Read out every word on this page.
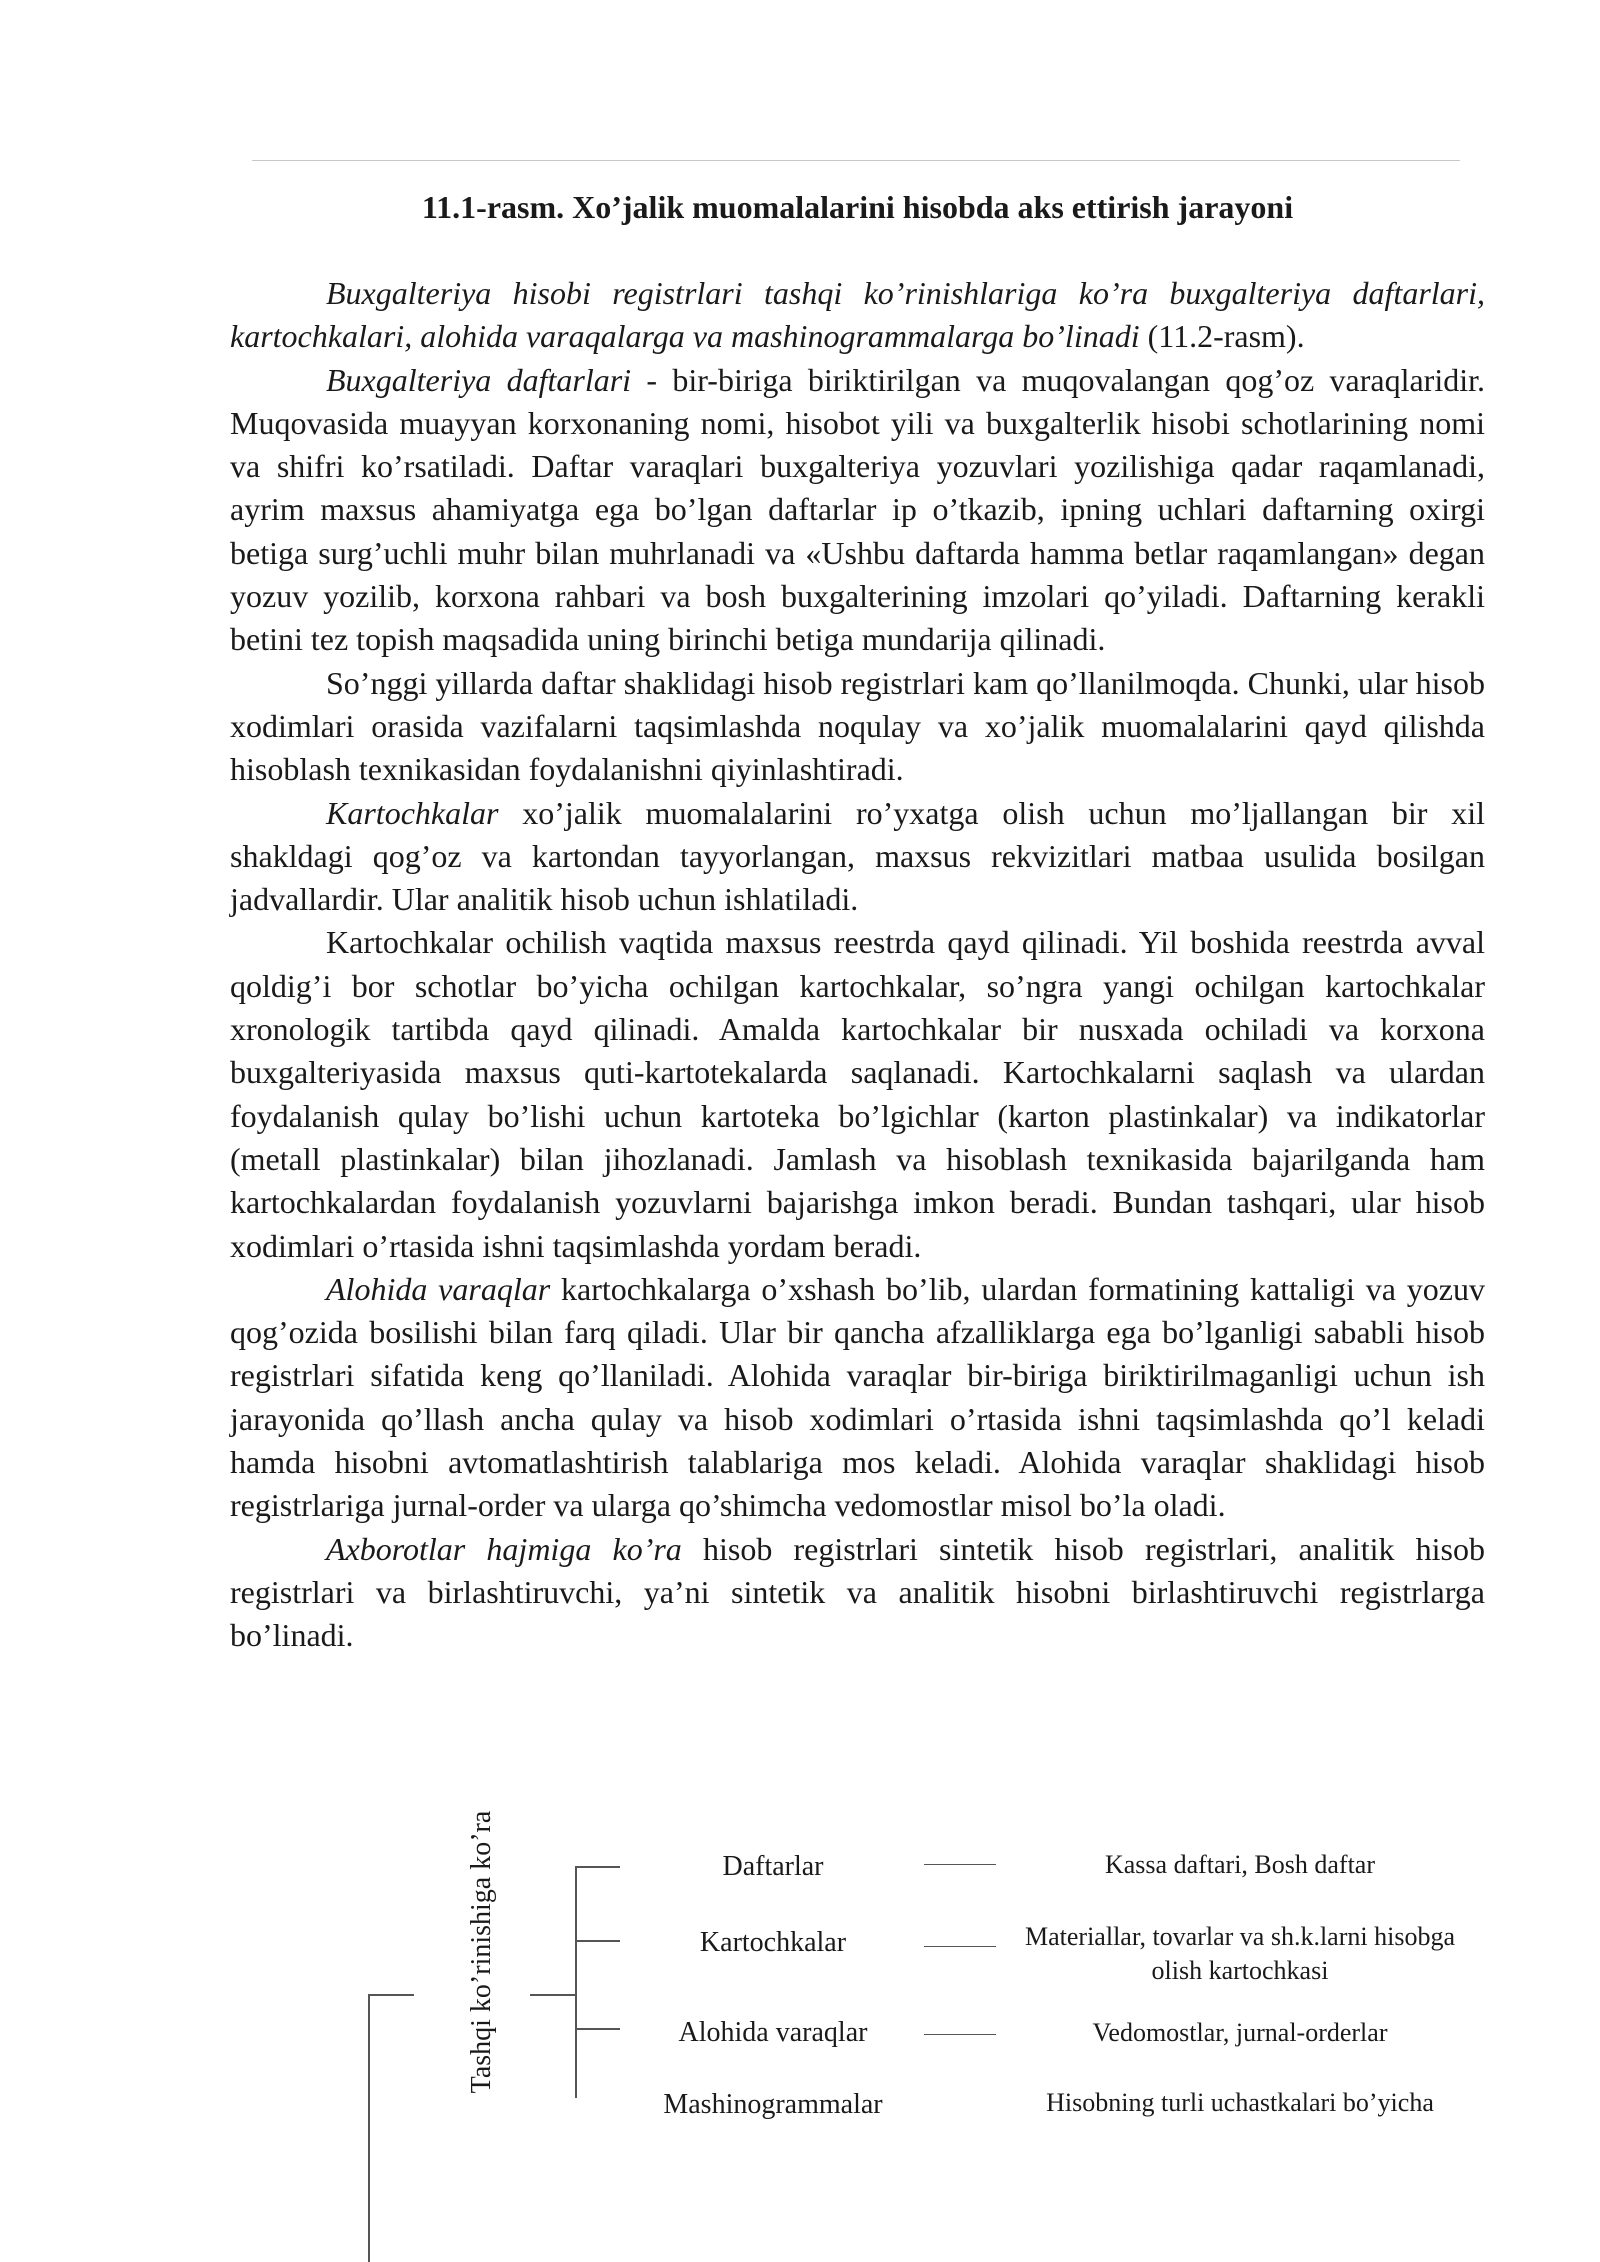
11.1-rasm. Xo’jalik muomalalarini hisobda aks ettirish jarayoni

Buxgalteriya hisobi registrlari tashqi ko’rinishlariga ko’ra buxgalteriya daftarlari, kartochkalari, alohida varaqalarga va mashinogrammalarga bo’linadi (11.2-rasm).

Buxgalteriya daftarlari - bir-biriga biriktirilgan va muqovalangan qog’oz varaqlaridir. Muqovasida muayyan korxonaning nomi, hisobot yili va buxgalterlik hisobi schotlarining nomi va shifri ko’rsatiladi. Daftar varaqlari buxgalteriya yozuvlari yozilishiga qadar raqamlanadi, ayrim maxsus ahamiyatga ega bo’lgan daftarlar ip o’tkazib, ipning uchlari daftarning oxirgi betiga surg’uchli muhr bilan muhrlanadi va «Ushbu daftarda hamma betlar raqamlangan» degan yozuv yozilib, korxona rahbari va bosh buxgalterining imzolari qo’yiladi. Daftarning kerakli betini tez topish maqsadida uning birinchi betiga mundarija qilinadi.

So’nggi yillarda daftar shaklidagi hisob registrlari kam qo’llanilmoqda. Chunki, ular hisob xodimlari orasida vazifalarni taqsimlashda noqulay va xo’jalik muomalalarini qayd qilishda hisoblash texnikasidan foydalanishni qiyinlashtiradi.

Kartochkalar xo’jalik muomalalarini ro’yxatga olish uchun mo’ljallangan bir xil shakldagi qog’oz va kartondan tayyorlangan, maxsus rekvizitlari matbaa usulida bosilgan jadvallardir. Ular analitik hisob uchun ishlatiladi.

Kartochkalar ochilish vaqtida maxsus reestrda qayd qilinadi. Yil boshida reestrda avval qoldig’i bor schotlar bo’yicha ochilgan kartochkalar, so’ngra yangi ochilgan kartochkalar xronologik tartibda qayd qilinadi. Amalda kartochkalar bir nusxada ochiladi va korxona buxgalteriyasida maxsus quti-kartotekalarda saqlanadi. Kartochkalarni saqlash va ulardan foydalanish qulay bo’lishi uchun kartoteka bo’lgichlar (karton plastinkalar) va indikatorlar (metall plastinkalar) bilan jihozlanadi. Jamlash va hisoblash texnikasida bajarilganda ham kartochkalardan foydalanish yozuvlarni bajarishga imkon beradi. Bundan tashqari, ular hisob xodimlari o’rtasida ishni taqsimlashda yordam beradi.

Alohida varaqlar kartochkalarga o’xshash bo’lib, ulardan formatining kattaligi va yozuv qog’ozida bosilishi bilan farq qiladi. Ular bir qancha afzalliklarga ega bo’lganligi sababli hisob registrlari sifatida keng qo’llaniladi. Alohida varaqlar bir-biriga biriktirilmaganligi uchun ish jarayonida qo’llash ancha qulay va hisob xodimlari o’rtasida ishni taqsimlashda qo’l keladi hamda hisobni avtomatlashtirish talablariga mos keladi. Alohida varaqlar shaklidagi hisob registrlariga jurnal-order va ularga qo’shimcha vedomostlar misol bo’la oladi.

Axborotlar hajmiga ko’ra hisob registrlari sintetik hisob registrlari, analitik hisob registrlari va birlashtiruvchi, ya’ni sintetik va analitik hisobni birlashtiruvchi registrlarga bo’linadi.

Tashqi ko’rinishiga ko’ra	Daftarlar
Kartochkalar
Alohida varaqlar
Mashinogrammalar
Kassa daftari, Bosh daftar
Materiallar, tovarlar va sh.k.larni hisobga olish kartochkasi
Vedomostlar, jurnal-orderlar
Hisobning turli uchastkalari bo’yicha
